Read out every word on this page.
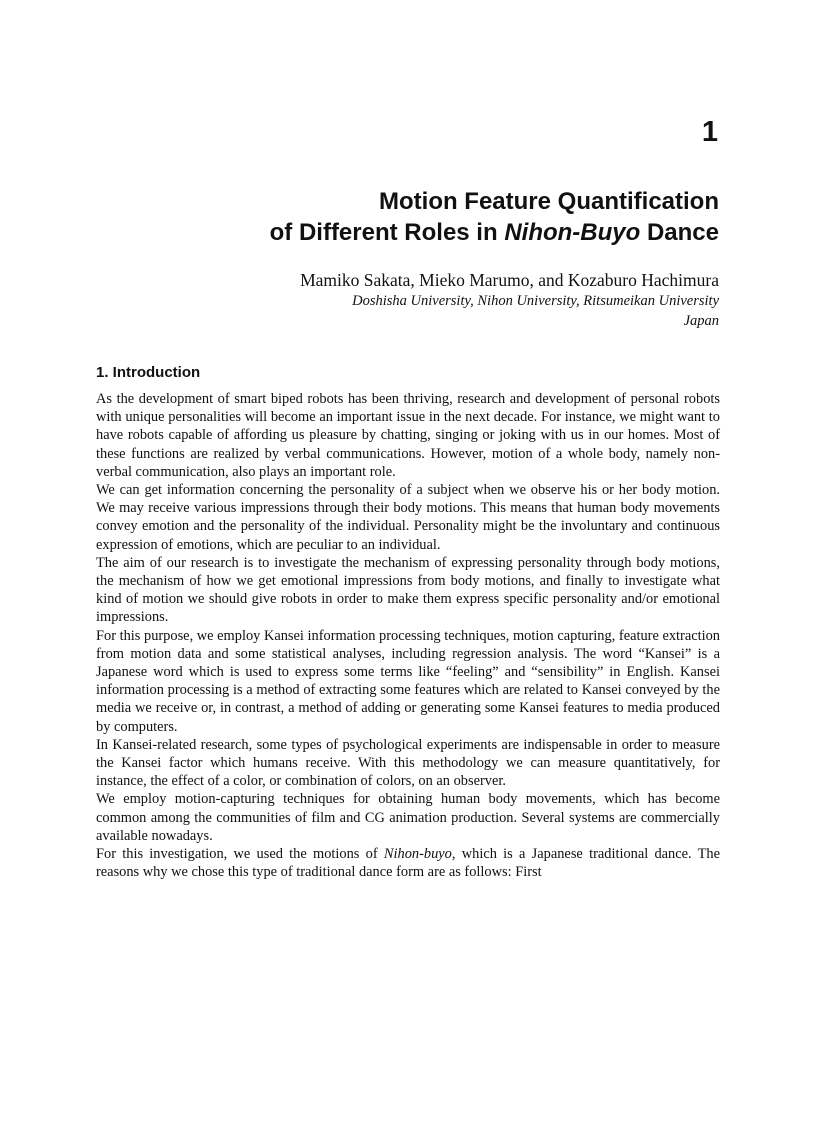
1
Motion Feature Quantification
of Different Roles in Nihon-Buyo Dance
Mamiko Sakata, Mieko Marumo, and Kozaburo Hachimura
Doshisha University, Nihon University, Ritsumeikan University
Japan
1. Introduction

As the development of smart biped robots has been thriving, research and development of personal robots with unique personalities will become an important issue in the next decade. For instance, we might want to have robots capable of affording us pleasure by chatting, singing or joking with us in our homes. Most of these functions are realized by verbal communications. However, motion of a whole body, namely non-verbal communication, also plays an important role.

We can get information concerning the personality of a subject when we observe his or her body motion. We may receive various impressions through their body motions. This means that human body movements convey emotion and the personality of the individual. Personality might be the involuntary and continuous expression of emotions, which are peculiar to an individual.

The aim of our research is to investigate the mechanism of expressing personality through body motions, the mechanism of how we get emotional impressions from body motions, and finally to investigate what kind of motion we should give robots in order to make them express specific personality and/or emotional impressions.

For this purpose, we employ Kansei information processing techniques, motion capturing, feature extraction from motion data and some statistical analyses, including regression analysis. The word “Kansei” is a Japanese word which is used to express some terms like “feeling” and “sensibility” in English. Kansei information processing is a method of extracting some features which are related to Kansei conveyed by the media we receive or, in contrast, a method of adding or generating some Kansei features to media produced by computers.

In Kansei-related research, some types of psychological experiments are indispensable in order to measure the Kansei factor which humans receive. With this methodology we can measure quantitatively, for instance, the effect of a color, or combination of colors, on an observer.

We employ motion-capturing techniques for obtaining human body movements, which has become common among the communities of film and CG animation production. Several systems are commercially available nowadays.

For this investigation, we used the motions of Nihon-buyo, which is a Japanese traditional dance. The reasons why we chose this type of traditional dance form are as follows: First
